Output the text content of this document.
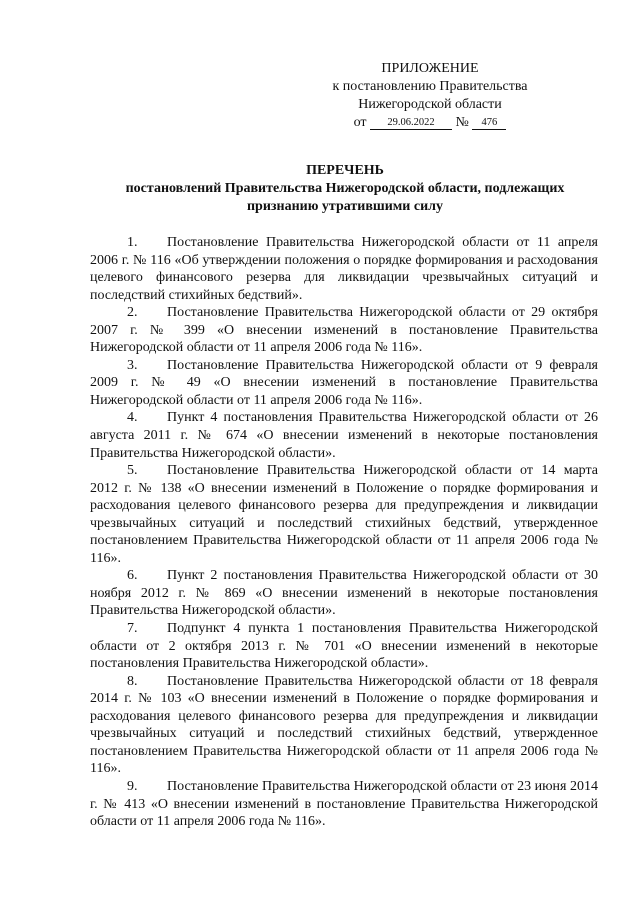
ПРИЛОЖЕНИЕ
к постановлению Правительства
Нижегородской области
от 29.06.2022 № 476
ПЕРЕЧЕНЬ
постановлений Правительства Нижегородской области, подлежащих признанию утратившими силу

1. Постановление Правительства Нижегородской области от 11 апреля 2006 г. № 116 «Об утверждении положения о порядке формирования и расходования целевого финансового резерва для ликвидации чрезвычайных ситуаций и последствий стихийных бедствий».

2. Постановление Правительства Нижегородской области от 29 октября 2007 г. № 399 «О внесении изменений в постановление Правительства Нижегородской области от 11 апреля 2006 года № 116».

3. Постановление Правительства Нижегородской области от 9 февраля 2009 г. № 49 «О внесении изменений в постановление Правительства Нижегородской области от 11 апреля 2006 года № 116».

4. Пункт 4 постановления Правительства Нижегородской области от 26 августа 2011 г. № 674 «О внесении изменений в некоторые постановления Правительства Нижегородской области».

5. Постановление Правительства Нижегородской области от 14 марта 2012 г. № 138 «О внесении изменений в Положение о порядке формирования и расходования целевого финансового резерва для предупреждения и ликвидации чрезвычайных ситуаций и последствий стихийных бедствий, утвержденное постановлением Правительства Нижегородской области от 11 апреля 2006 года № 116».

6. Пункт 2 постановления Правительства Нижегородской области от 30 ноября 2012 г. № 869 «О внесении изменений в некоторые постановления Правительства Нижегородской области».

7. Подпункт 4 пункта 1 постановления Правительства Нижегородской области от 2 октября 2013 г. № 701 «О внесении изменений в некоторые постановления Правительства Нижегородской области».

8. Постановление Правительства Нижегородской области от 18 февраля 2014 г. № 103 «О внесении изменений в Положение о порядке формирования и расходования целевого финансового резерва для предупреждения и ликвидации чрезвычайных ситуаций и последствий стихийных бедствий, утвержденное постановлением Правительства Нижегородской области от 11 апреля 2006 года № 116».

9. Постановление Правительства Нижегородской области от 23 июня 2014 г. № 413 «О внесении изменений в постановление Правительства Нижегородской области от 11 апреля 2006 года № 116».
